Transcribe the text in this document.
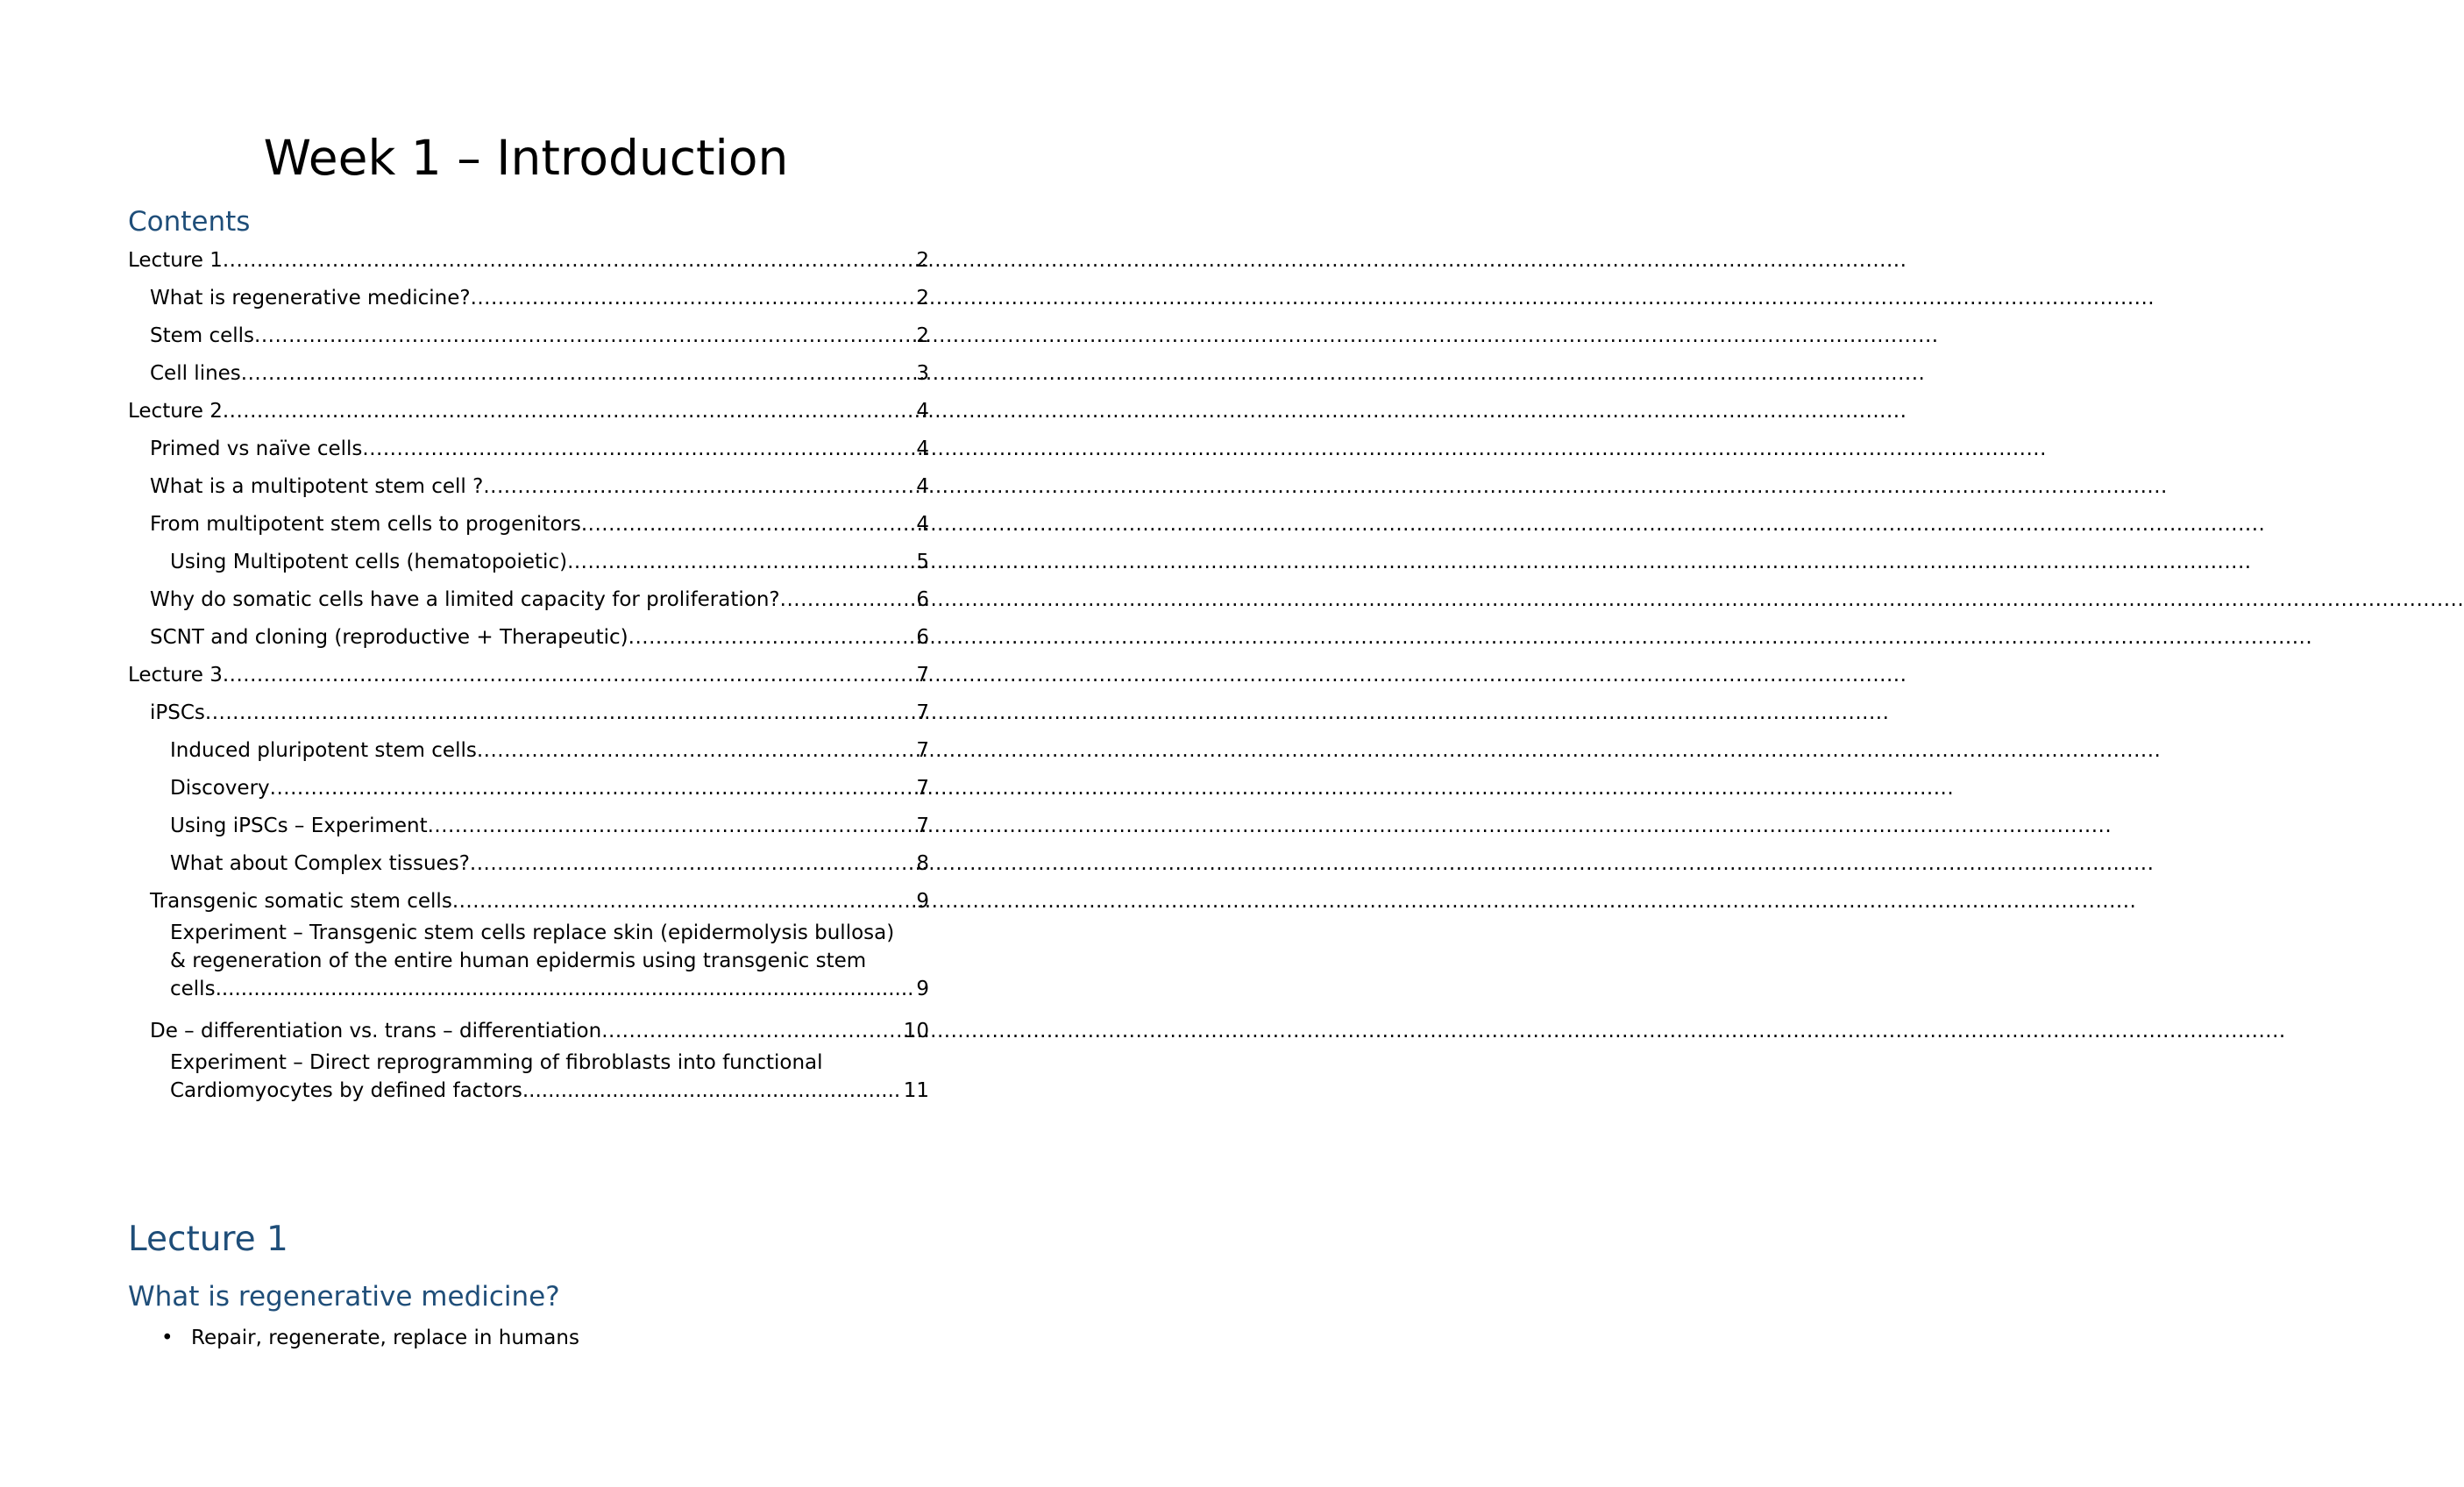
Week 1 – Introduction
Contents
Lecture 1 .....	2
What is regenerative medicine? .....	2
Stem cells .....	2
Cell lines .....	3
Lecture 2 .....	4
Primed vs naïve cells .....	4
What is a multipotent stem cell ? .....	4
From multipotent stem cells to progenitors .....	4
Using Multipotent cells (hematopoietic) .....	5
Why do somatic cells have a limited capacity for proliferation? .....	6
SCNT and cloning (reproductive + Therapeutic) .....	6
Lecture 3 .....	7
iPSCs .....	7
Induced pluripotent stem cells .....	7
Discovery .....	7
Using iPSCs – Experiment .....	7
What about Complex tissues? .....	8
Transgenic somatic stem cells .....	9
Experiment – Transgenic stem cells replace skin (epidermolysis bullosa) & regeneration of the entire human epidermis using transgenic stem cells............................................................................................................. 9
De – differentiation vs. trans – differentiation .....	10
Experiment – Direct reprogramming of fibroblasts into functional Cardiomyocytes by defined factors........................................................... 11
Lecture 1
What is regenerative medicine?
• Repair, regenerate, replace in humans
